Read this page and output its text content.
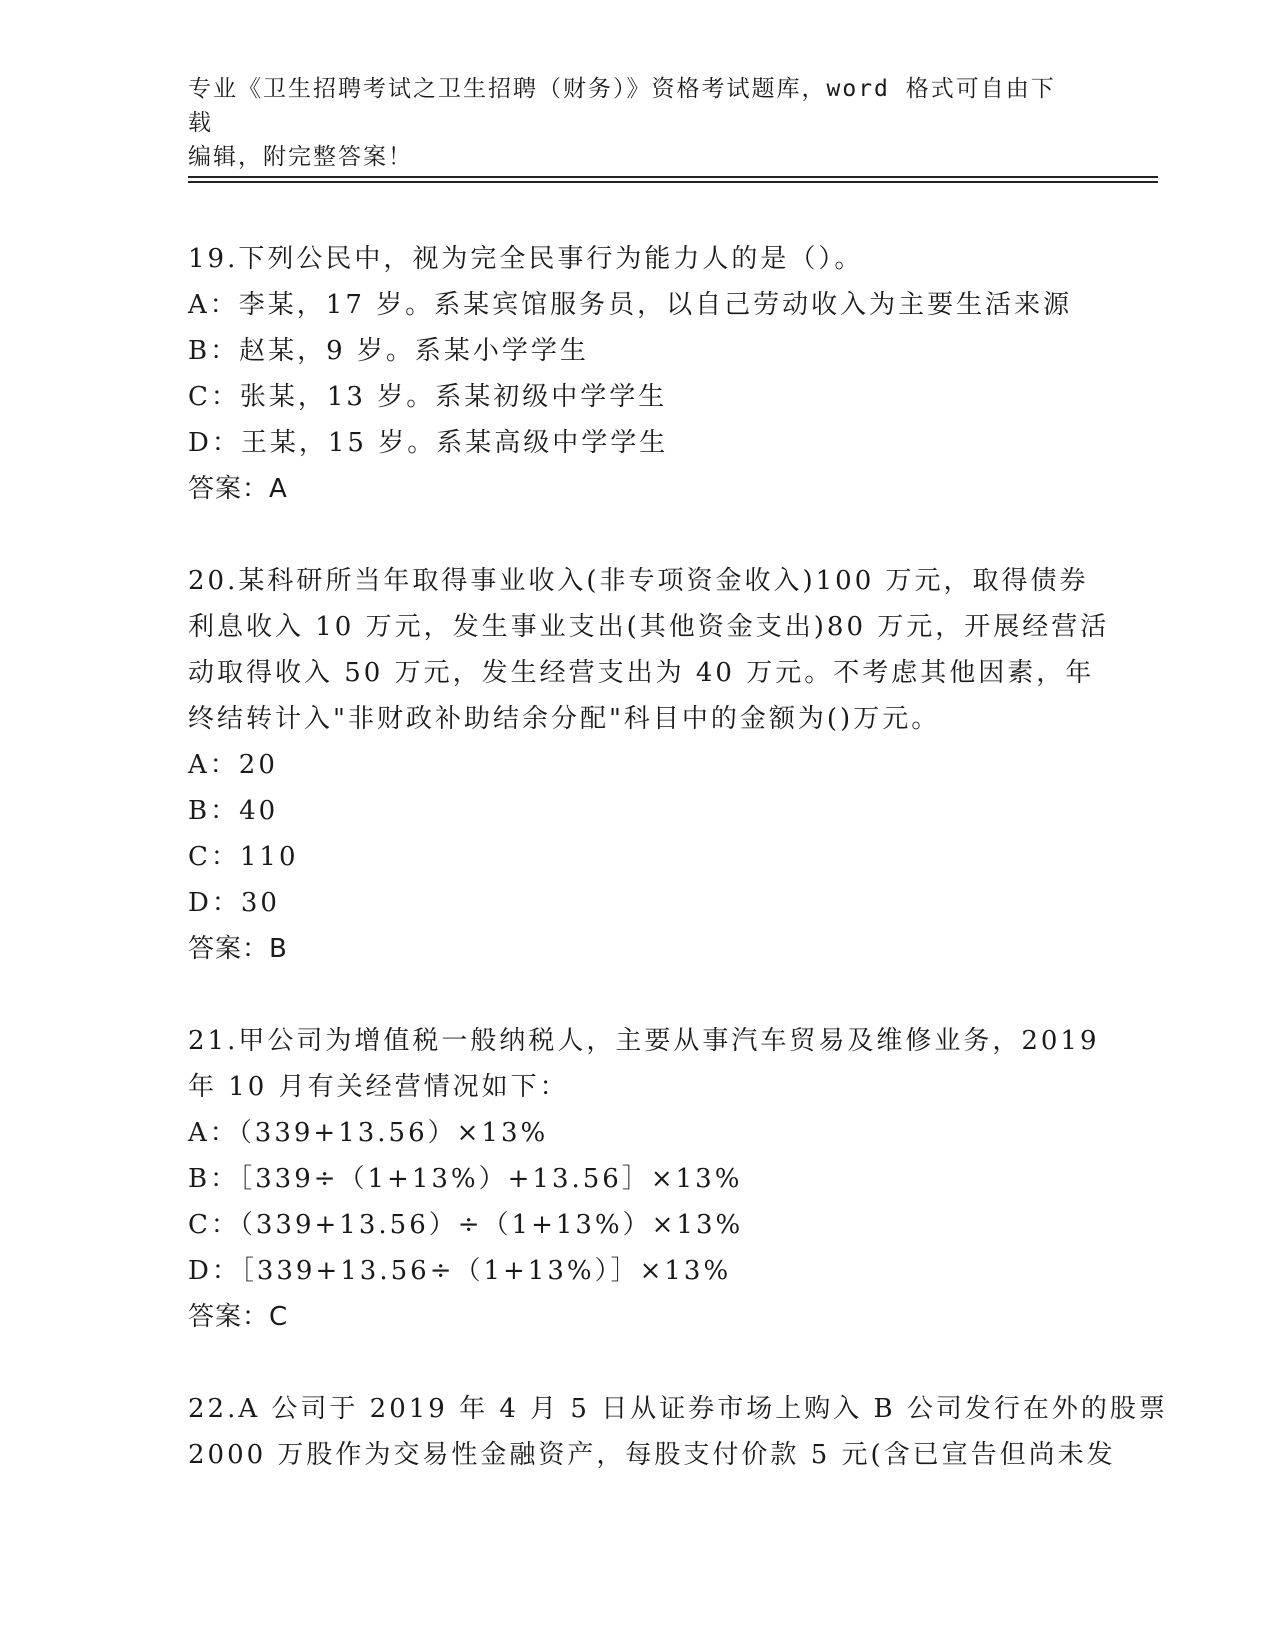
专业《卫生招聘考试之卫生招聘（财务）》资格考试题库，word 格式可自由下载
编辑，附完整答案！
19.下列公民中，视为完全民事行为能力人的是（）。
A：李某，17 岁。系某宾馆服务员，以自己劳动收入为主要生活来源
B：赵某，9 岁。系某小学学生
C：张某，13 岁。系某初级中学学生
D：王某，15 岁。系某高级中学学生
答案：A
20.某科研所当年取得事业收入(非专项资金收入)100 万元，取得债券
利息收入 10 万元，发生事业支出(其他资金支出)80 万元，开展经营活
动取得收入 50 万元，发生经营支出为 40 万元。不考虑其他因素，年
终结转计入"非财政补助结余分配"科目中的金额为()万元。
A：20
B：40
C：110
D：30
答案：B
21.甲公司为增值税一般纳税人，主要从事汽车贸易及维修业务，2019
年 10 月有关经营情况如下：
A：（339+13.56）×13%
B：［339÷（1+13%）+13.56］×13%
C：（339+13.56）÷（1+13%）×13%
D：［339+13.56÷（1+13%）］×13%
答案：C
22.A 公司于 2019 年 4 月 5 日从证券市场上购入 B 公司发行在外的股票
2000 万股作为交易性金融资产，每股支付价款 5 元(含已宣告但尚未发
